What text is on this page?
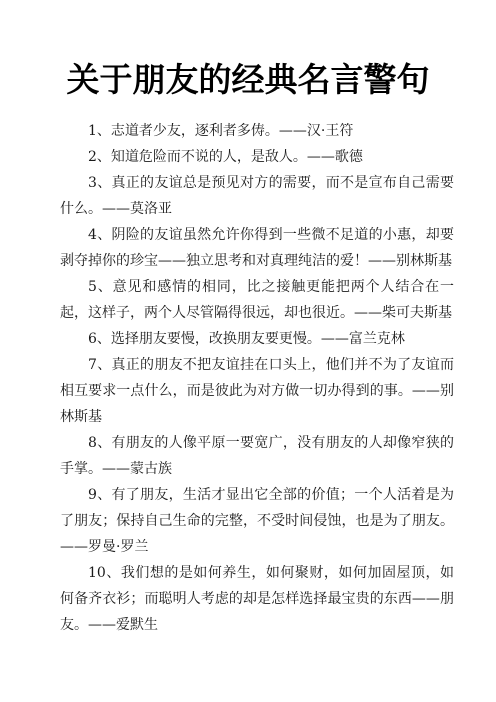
关于朋友的经典名言警句

1、志道者少友，逐利者多俦。——汉·王符

2、知道危险而不说的人，是敌人。——歌德

3、真正的友谊总是预见对方的需要，而不是宣布自己需要什么。——莫洛亚

4、阴险的友谊虽然允许你得到一些微不足道的小惠，却要剥夺掉你的珍宝——独立思考和对真理纯洁的爱！——别林斯基

5、意见和感情的相同，比之接触更能把两个人结合在一起，这样子，两个人尽管隔得很远，却也很近。——柴可夫斯基

6、选择朋友要慢，改换朋友要更慢。——富兰克林

7、真正的朋友不把友谊挂在口头上，他们并不为了友谊而相互要求一点什么，而是彼此为对方做一切办得到的事。——别林斯基

8、有朋友的人像平原一要宽广，没有朋友的人却像窄狭的手掌。——蒙古族

9、有了朋友，生活才显出它全部的价值；一个人活着是为了朋友；保持自己生命的完整，不受时间侵蚀，也是为了朋友。——罗曼·罗兰

10、我们想的是如何养生，如何聚财，如何加固屋顶，如何备齐衣衫；而聪明人考虑的却是怎样选择最宝贵的东西——朋友。——爱默生
